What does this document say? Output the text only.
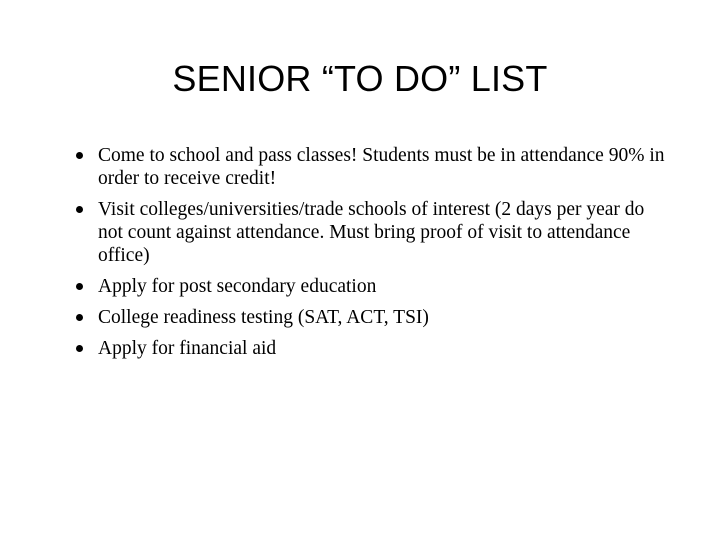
SENIOR “TO DO” LIST
Come to school and pass classes! Students must be in attendance 90% in order to receive credit!
Visit colleges/universities/trade schools of interest (2 days per year do not count against attendance. Must bring proof of visit to attendance office)
Apply for post secondary education
College readiness testing (SAT, ACT, TSI)
Apply for financial aid
